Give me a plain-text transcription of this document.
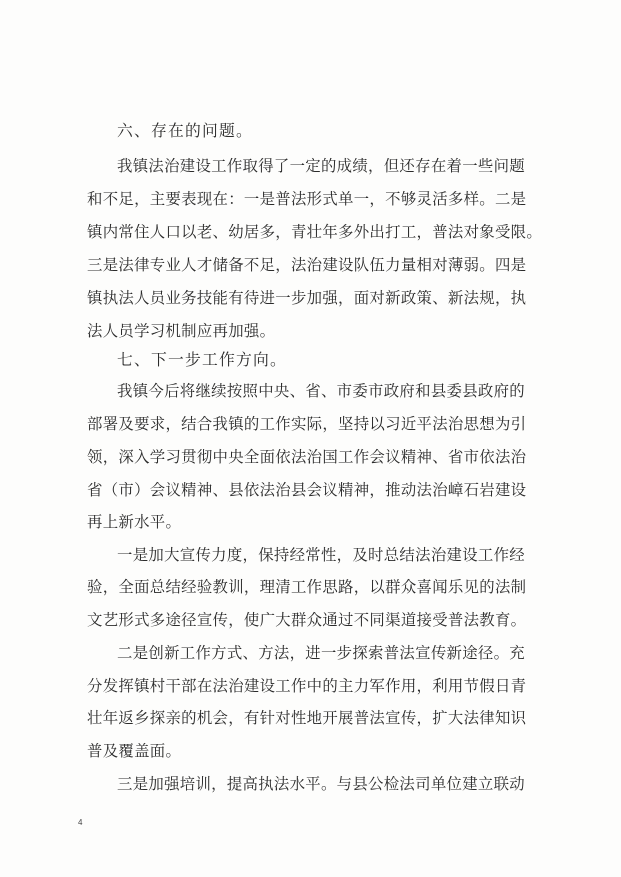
六、存在的问题。
我镇法治建设工作取得了一定的成绩，但还存在着一些问题
和不足，主要表现在：一是普法形式单一，不够灵活多样。二是
镇内常住人口以老、幼居多，青壮年多外出打工，普法对象受限。
三是法律专业人才储备不足，法治建设队伍力量相对薄弱。四是
镇执法人员业务技能有待进一步加强，面对新政策、新法规，执
法人员学习机制应再加强。
七、下一步工作方向。
我镇今后将继续按照中央、省、市委市政府和县委县政府的
部署及要求，结合我镇的工作实际，坚持以习近平法治思想为引
领，深入学习贯彻中央全面依法治国工作会议精神、省市依法治
省（市）会议精神、县依法治县会议精神，推动法治嶂石岩建设
再上新水平。
一是加大宣传力度，保持经常性，及时总结法治建设工作经
验，全面总结经验教训，理清工作思路，以群众喜闻乐见的法制
文艺形式多途径宣传，使广大群众通过不同渠道接受普法教育。
二是创新工作方式、方法，进一步探索普法宣传新途径。充
分发挥镇村干部在法治建设工作中的主力军作用，利用节假日青
壮年返乡探亲的机会，有针对性地开展普法宣传，扩大法律知识
普及覆盖面。
三是加强培训，提高执法水平。与县公检法司单位建立联动
4
